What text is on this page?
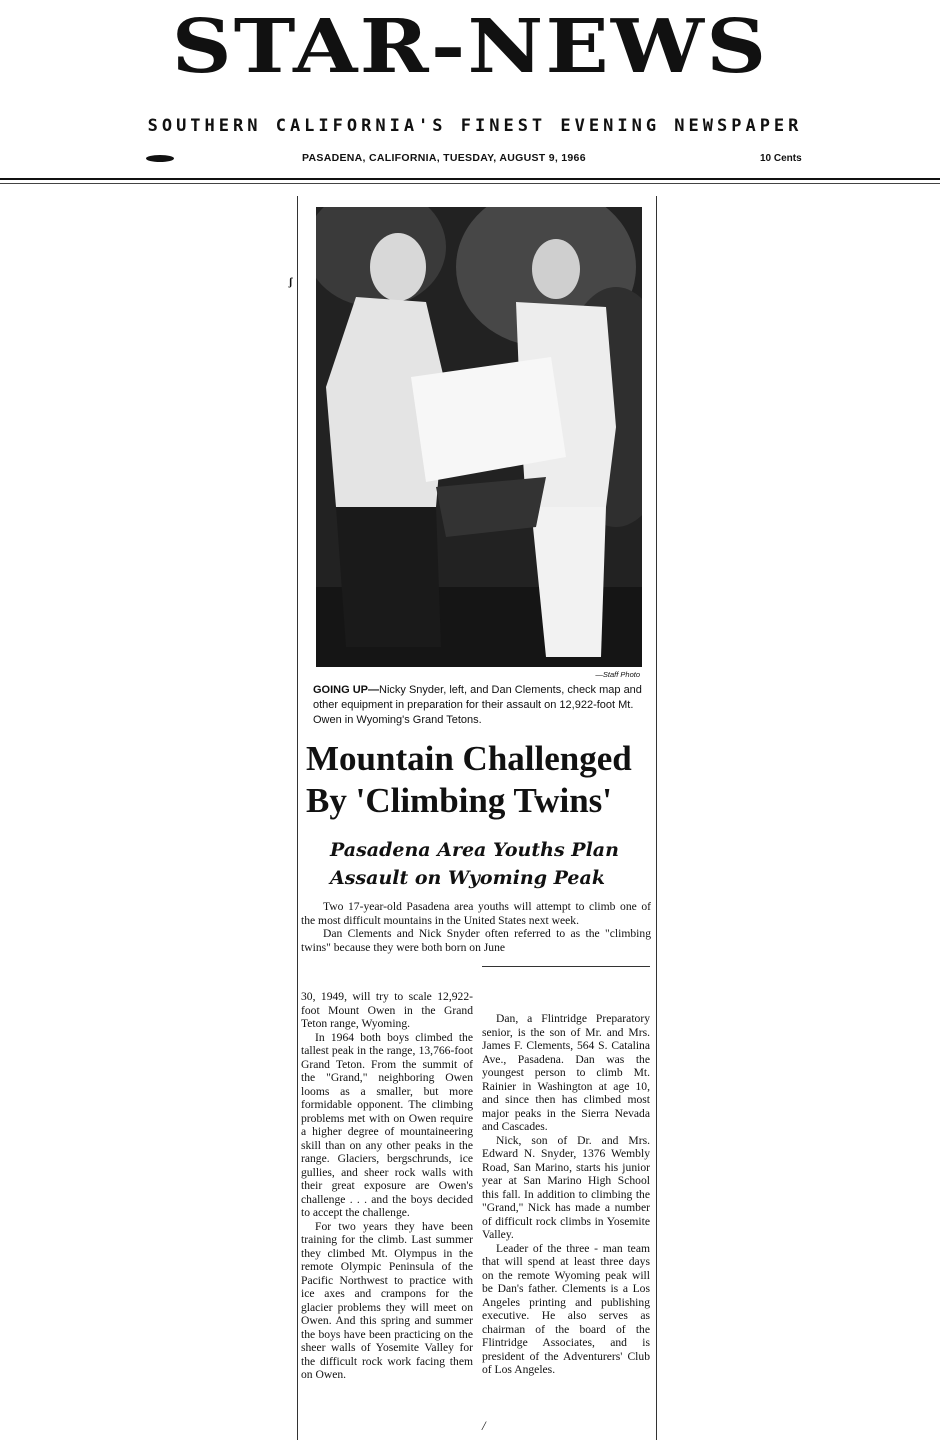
STAR-NEWS
SOUTHERN CALIFORNIA'S FINEST EVENING NEWSPAPER
PASADENA, CALIFORNIA, TUESDAY, AUGUST 9, 1966	10 Cents
ʃ
—Staff Photo
GOING UP—Nicky Snyder, left, and Dan Clements, check map and other equipment in preparation for their assault on 12,922-foot Mt. Owen in Wyoming's Grand Tetons.
Mountain Challenged
By 'Climbing Twins'
Pasadena Area Youths Plan
Assault on Wyoming Peak

Two 17-year-old Pasadena area youths will attempt to climb one of the most difficult mountains in the United States next week.

Dan Clements and Nick Snyder often referred to as the "climbing twins" because they were both born on June

30, 1949, will try to scale 12,922-foot Mount Owen in the Grand Teton range, Wyoming.

In 1964 both boys climbed the tallest peak in the range, 13,766-foot Grand Teton. From the summit of the "Grand," neighboring Owen looms as a smaller, but more formidable opponent. The climbing problems met with on Owen require a higher degree of mountaineering skill than on any other peaks in the range. Glaciers, bergschrunds, ice gullies, and sheer rock walls with their great exposure are Owen's challenge . . . and the boys decided to accept the challenge.

For two years they have been training for the climb. Last summer they climbed Mt. Olympus in the remote Olympic Peninsula of the Pacific Northwest to practice with ice axes and crampons for the glacier problems they will meet on Owen. And this spring and summer the boys have been practicing on the sheer walls of Yosemite Valley for the difficult rock work facing them on Owen.

Dan, a Flintridge Preparatory senior, is the son of Mr. and Mrs. James F. Clements, 564 S. Catalina Ave., Pasadena. Dan was the youngest person to climb Mt. Rainier in Washington at age 10, and since then has climbed most major peaks in the Sierra Nevada and Cascades.

Nick, son of Dr. and Mrs. Edward N. Snyder, 1376 Wembly Road, San Marino, starts his junior year at San Marino High School this fall. In addition to climbing the "Grand," Nick has made a number of difficult rock climbs in Yosemite Valley.

Leader of the three - man team that will spend at least three days on the remote Wyoming peak will be Dan's father. Clements is a Los Angeles printing and publishing executive. He also serves as chairman of the board of the Flintridge Associates, and is president of the Adventurers' Club of Los Angeles.

/
